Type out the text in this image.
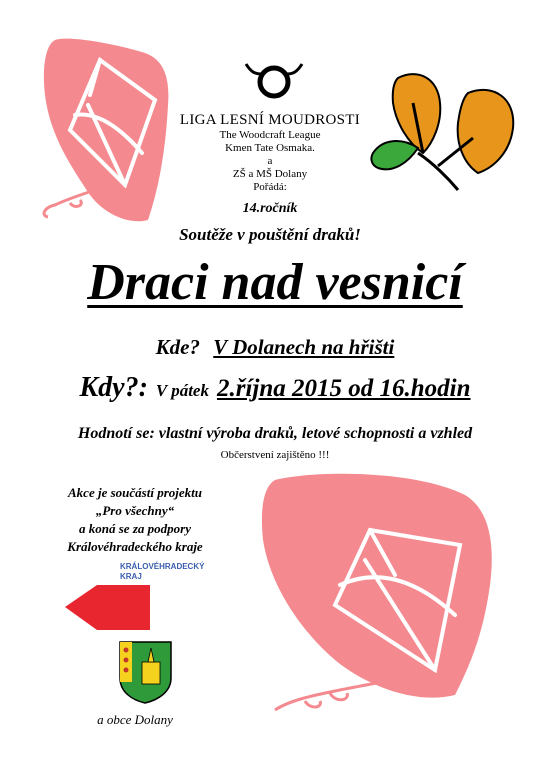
LIGA LESNÍ MOUDROSTI
The Woodcraft League
Kmen Tate Osmaka.
a
ZŠ a MŠ Dolany
Pořádá:
14.ročník
Soutěže v pouštění draků!
Draci nad vesnicí
Kde? V Dolanech na hřišti
Kdy?: V pátek 2.října 2015 od 16.hodin
Hodnotí se: vlastní výroba draků, letové schopnosti a vzhled
Občerstvení zajištěno !!!
Akce je součástí projektu
„Pro všechny“
a koná se za podpory
Královéhradeckého kraje
KRÁLOVÉHRADECKÝ
KRAJ
a obce Dolany
